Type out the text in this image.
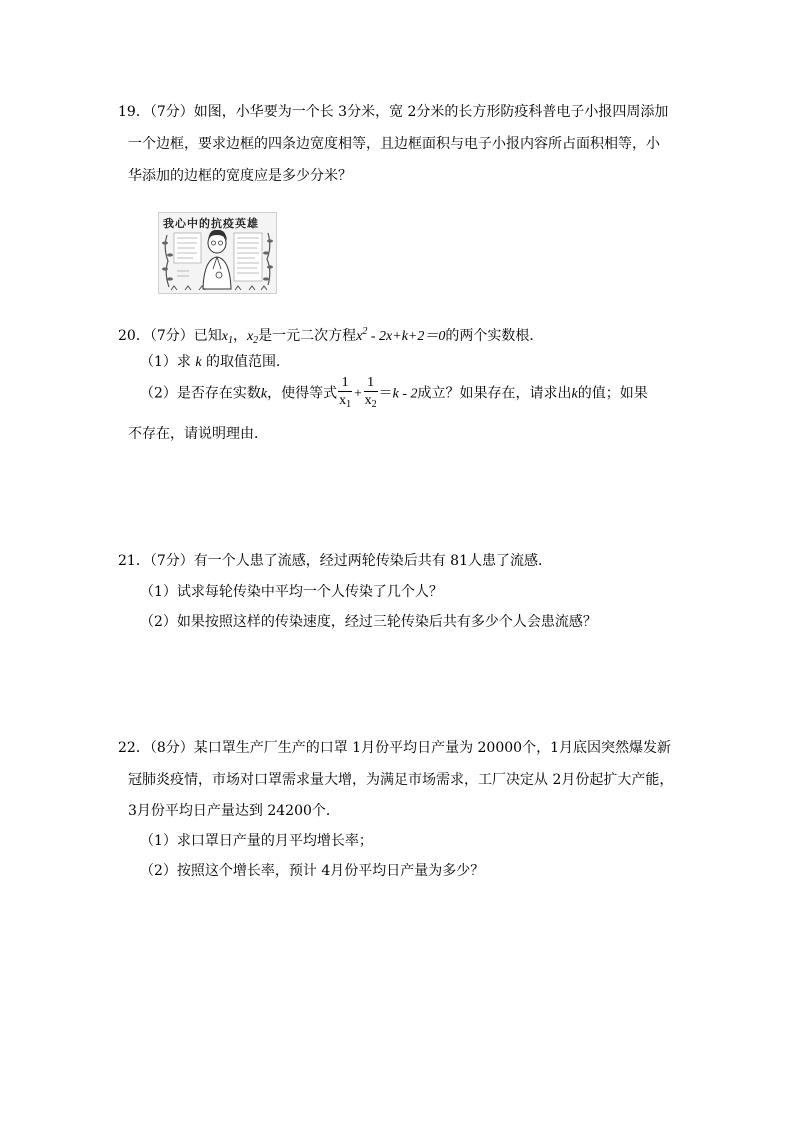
19．（7分）如图，小华要为一个长 3分米，宽 2分米的长方形防疫科普电子小报四周添加
一个边框，要求边框的四条边宽度相等，且边框面积与电子小报内容所占面积相等，小
华添加的边框的宽度应是多少分米？
我心中的抗疫英雄
20．（7分）已知$x_1$，$x_2$是一元二次方程$x^2 - 2x+k+2=0$的两个实数根．
（1）求 k 的取值范围．
（2）是否存在实数k，使得等式 $\frac{1}{x_1} + \frac{1}{x_2} =k - 2$成立？如果存在，请求出k的值；如果
不存在，请说明理由．
21．（7分）有一个人患了流感，经过两轮传染后共有 81人患了流感．
（1）试求每轮传染中平均一个人传染了几个人？
（2）如果按照这样的传染速度，经过三轮传染后共有多少个人会患流感？
22．（8分）某口罩生产厂生产的口罩 1月份平均日产量为 20000个，1月底因突然爆发新
冠肺炎疫情，市场对口罩需求量大增，为满足市场需求，工厂决定从 2月份起扩大产能，
3月份平均日产量达到 24200个．
（1）求口罩日产量的月平均增长率；
（2）按照这个增长率，预计 4月份平均日产量为多少？
